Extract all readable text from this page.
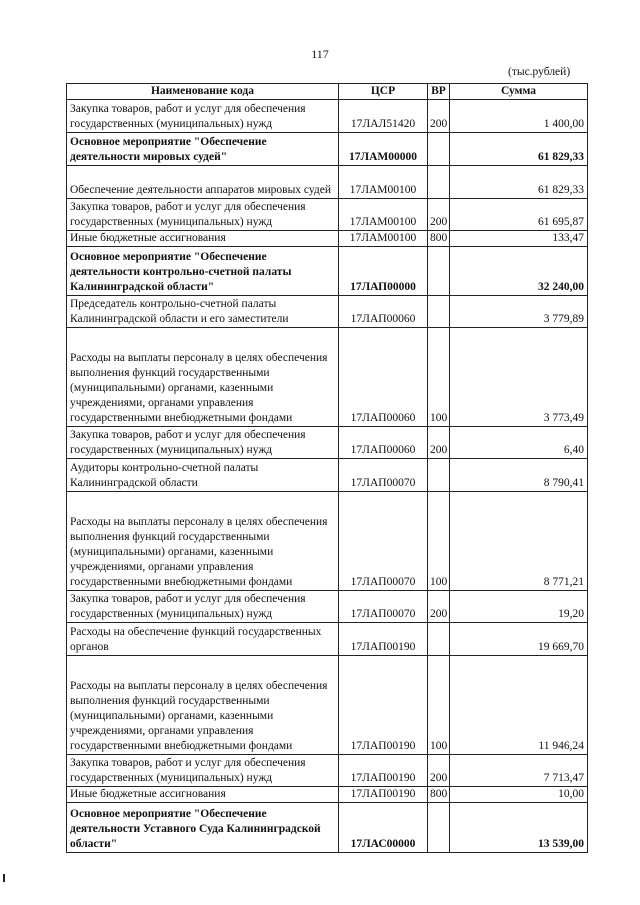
117
(тыс.рублей)
Наименование кода	ЦСР	ВР	Сумма
Закупка товаров, работ и услуг для обеспечения государственных (муниципальных) нужд	17ЛАЛ51420	200	1 400,00
Основное мероприятие "Обеспечение деятельности мировых судей"	17ЛАМ00000		61 829,33
Обеспечение деятельности аппаратов мировых судей	17ЛАМ00100		61 829,33
Закупка товаров, работ и услуг для обеспечения государственных (муниципальных) нужд	17ЛАМ00100	200	61 695,87
Иные бюджетные ассигнования	17ЛАМ00100	800	133,47
Основное мероприятие "Обеспечение деятельности контрольно-счетной палаты Калининградской области"	17ЛАП00000		32 240,00
Председатель контрольно-счетной палаты Калининградской области и его заместители	17ЛАП00060		3 779,89
Расходы на выплаты персоналу в целях обеспечения выполнения функций государственными (муниципальными) органами, казенными учреждениями, органами управления государственными внебюджетными фондами	17ЛАП00060	100	3 773,49
Закупка товаров, работ и услуг для обеспечения государственных (муниципальных) нужд	17ЛАП00060	200	6,40
Аудиторы контрольно-счетной палаты Калининградской области	17ЛАП00070		8 790,41
Расходы на выплаты персоналу в целях обеспечения выполнения функций государственными (муниципальными) органами, казенными учреждениями, органами управления государственными внебюджетными фондами	17ЛАП00070	100	8 771,21
Закупка товаров, работ и услуг для обеспечения государственных (муниципальных) нужд	17ЛАП00070	200	19,20
Расходы на обеспечение функций государственных органов	17ЛАП00190		19 669,70
Расходы на выплаты персоналу в целях обеспечения выполнения функций государственными (муниципальными) органами, казенными учреждениями, органами управления государственными внебюджетными фондами	17ЛАП00190	100	11 946,24
Закупка товаров, работ и услуг для обеспечения государственных (муниципальных) нужд	17ЛАП00190	200	7 713,47
Иные бюджетные ассигнования	17ЛАП00190	800	10,00
Основное мероприятие "Обеспечение деятельности Уставного Суда Калининградской области"	17ЛАС00000		13 539,00
